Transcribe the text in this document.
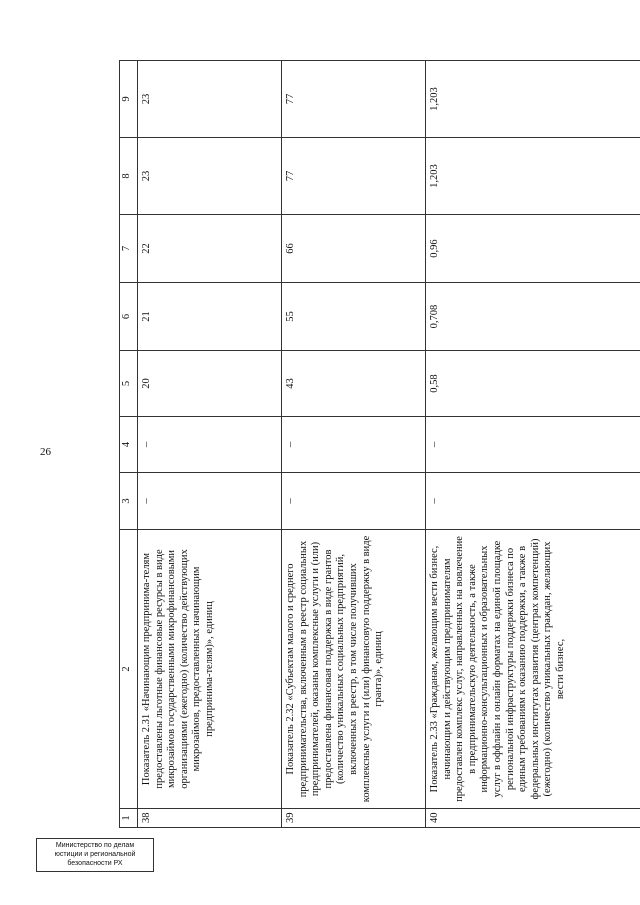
26
1	2	3	4	5	6	7	8	9
38	Показатель 2.31 «Начинающим предпринима-телям предоставлены льготные финансовые ресурсы в виде микрозаймов государственными микрофинансовыми организациями (ежегодно) (количество действующих микрозаймов, предоставленных начинающим предпринима-телям)», единиц	–	–	20	21	22	23	23
39	Показатель 2.32 «Субъектам малого и среднего предпринимательства, включенным в реестр социальных предпринимателей, оказаны комплексные услуги и (или) предоставлена финансовая поддержка в виде грантов (количество уникальных социальных предприятий, включенных в реестр, в том числе получивших комплексные услуги и (или) финансовую поддержку в виде гранта)», единиц	–	–	43	55	66	77	77
40	Показатель 2.33 «Гражданам, желающим вести бизнес, начинающим и действующим предпринимателям предоставлен комплекс услуг, направленных на вовлечение в предпринимательскую деятельность, а также информационно-консультационных и образовательных услуг в оффлайн и онлайн форматах на единой площадке региональной инфраструктуры поддержки бизнеса по единым требованиям к оказанию поддержки, а также в федеральных институтах развития (центрах компетенций) (ежегодно) (количество уникальных граждан, желающих вести бизнес,	–	–	0,58	0,708	0,96	1,203	1,203
Министерство по делам
юстиции и региональной
безопасности РХ
